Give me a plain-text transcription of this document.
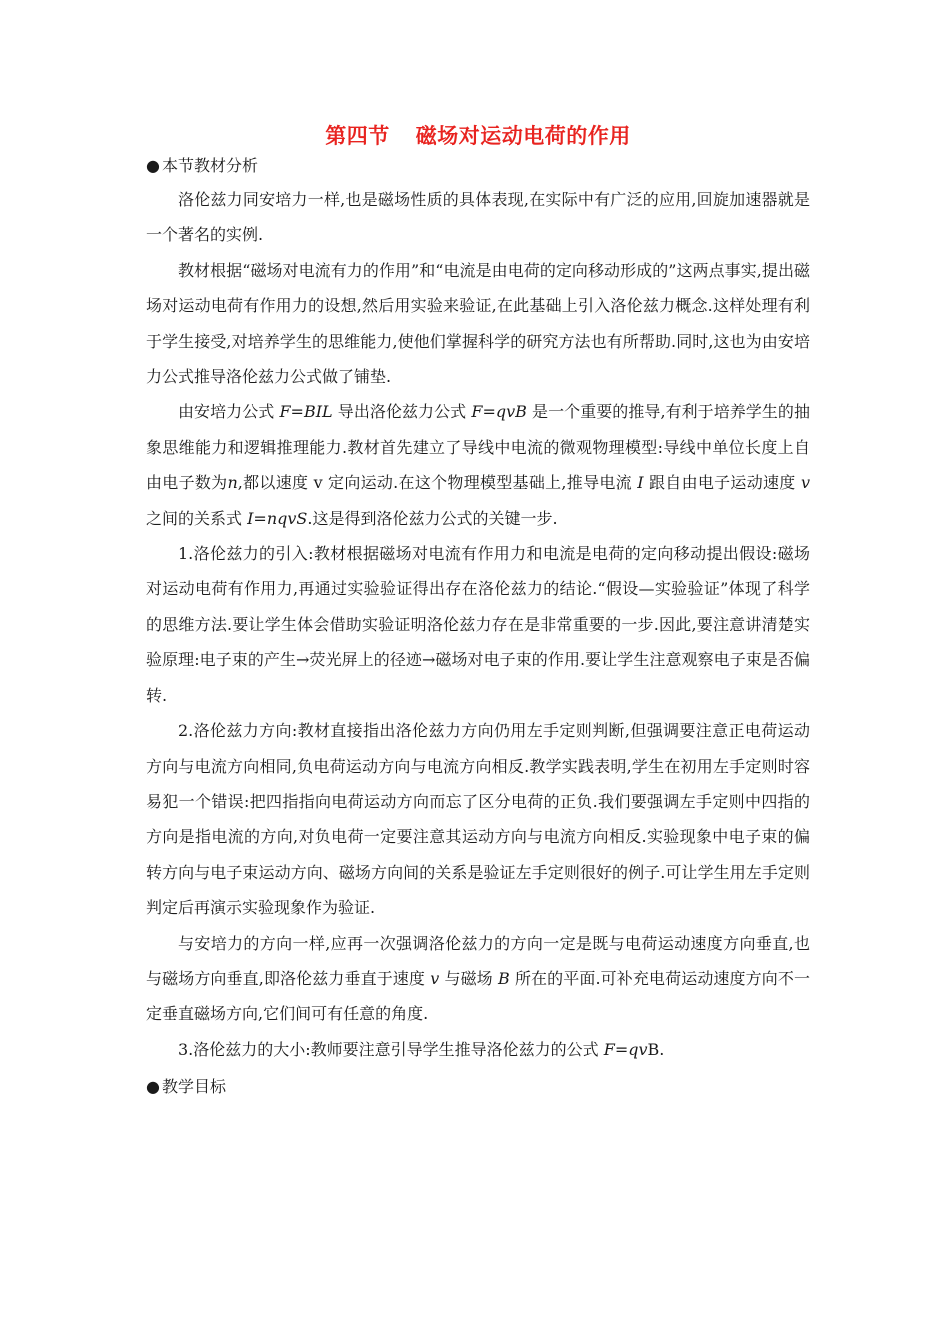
第四节 磁场对运动电荷的作用
● 本节教材分析

洛伦兹力同安培力一样,也是磁场性质的具体表现,在实际中有广泛的应用,回旋加速器就是一个著名的实例.

教材根据“磁场对电流有力的作用”和“电流是由电荷的定向移动形成的”这两点事实,提出磁场对运动电荷有作用力的设想,然后用实验来验证,在此基础上引入洛伦兹力概念.这样处理有利于学生接受,对培养学生的思维能力,使他们掌握科学的研究方法也有所帮助.同时,这也为由安培力公式推导洛伦兹力公式做了铺垫.

由安培力公式 F=BIL 导出洛伦兹力公式 F=qvB 是一个重要的推导,有利于培养学生的抽象思维能力和逻辑推理能力.教材首先建立了导线中电流的微观物理模型:导线中单位长度上自由电子数为n,都以速度 v 定向运动.在这个物理模型基础上,推导电流 I 跟自由电子运动速度 v 之间的关系式 I=nqvS.这是得到洛伦兹力公式的关键一步.

1.洛伦兹力的引入:教材根据磁场对电流有作用力和电流是电荷的定向移动提出假设:磁场对运动电荷有作用力,再通过实验验证得出存在洛伦兹力的结论.“假设—实验验证”体现了科学的思维方法.要让学生体会借助实验证明洛伦兹力存在是非常重要的一步.因此,要注意讲清楚实验原理:电子束的产生→荧光屏上的径迹→磁场对电子束的作用.要让学生注意观察电子束是否偏转.

2.洛伦兹力方向:教材直接指出洛伦兹力方向仍用左手定则判断,但强调要注意正电荷运动方向与电流方向相同,负电荷运动方向与电流方向相反.教学实践表明,学生在初用左手定则时容易犯一个错误:把四指指向电荷运动方向而忘了区分电荷的正负.我们要强调左手定则中四指的方向是指电流的方向,对负电荷一定要注意其运动方向与电流方向相反.实验现象中电子束的偏转方向与电子束运动方向、磁场方向间的关系是验证左手定则很好的例子.可让学生用左手定则判定后再演示实验现象作为验证.

与安培力的方向一样,应再一次强调洛伦兹力的方向一定是既与电荷运动速度方向垂直,也与磁场方向垂直,即洛伦兹力垂直于速度 v 与磁场 B 所在的平面.可补充电荷运动速度方向不一定垂直磁场方向,它们间可有任意的角度.

3.洛伦兹力的大小:教师要注意引导学生推导洛伦兹力的公式 F=qvB.

● 教学目标
